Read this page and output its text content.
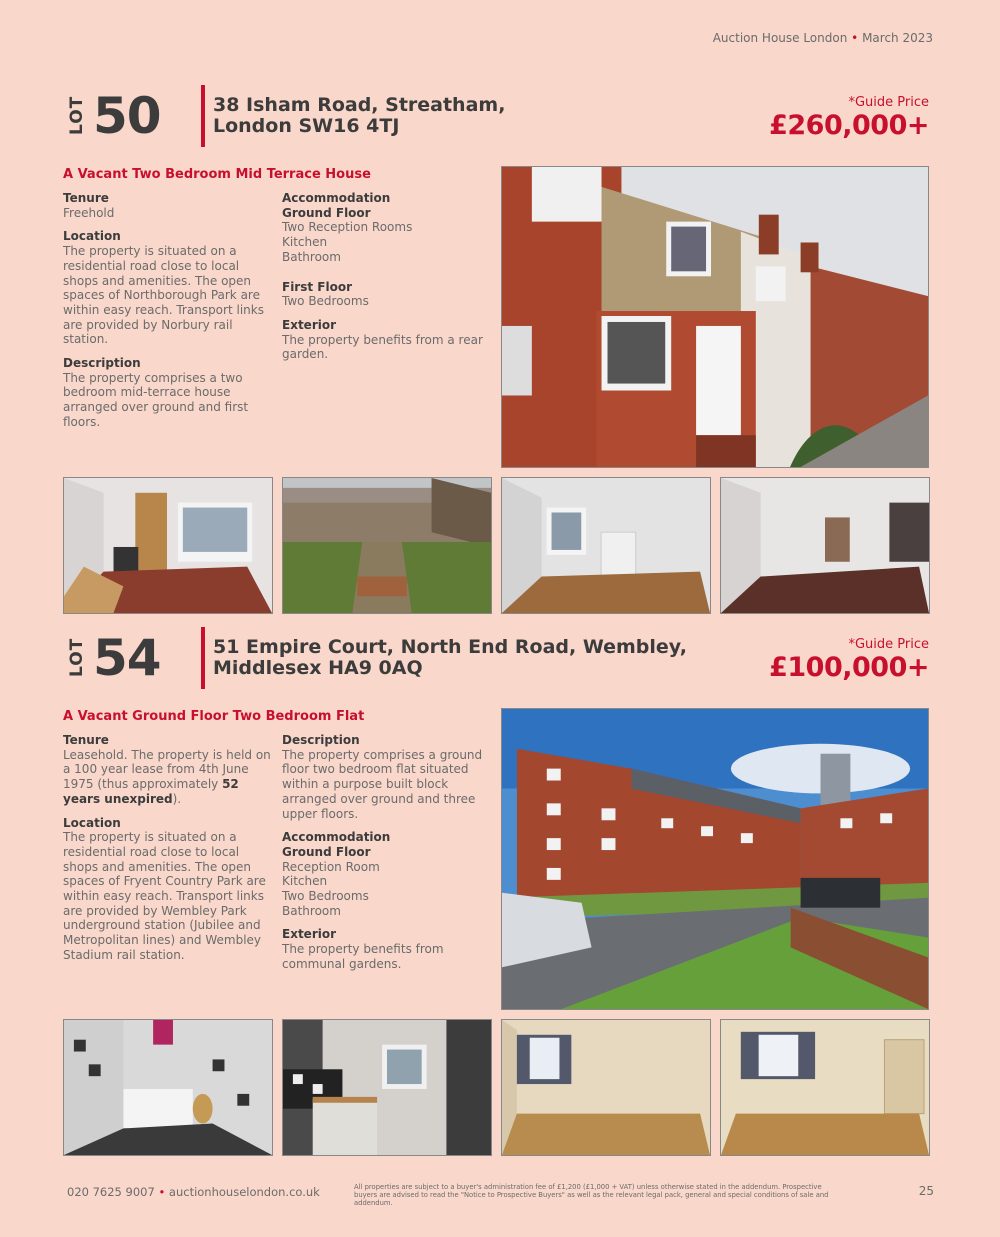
Auction House London • March 2023
LOT 50	38 Isham Road, Streatham,
London SW16 4TJ
*Guide Price
£260,000+
A Vacant Two Bedroom Mid Terrace House
Tenure
Freehold
Location
The property is situated on a residential road close to local shops and amenities. The open spaces of Northborough Park are within easy reach. Transport links are provided by Norbury rail station.
Description
The property comprises a two bedroom mid-terrace house arranged over ground and first floors.
Accommodation
Ground Floor
Two Reception Rooms
Kitchen
Bathroom
First Floor
Two Bedrooms
Exterior
The property benefits from a rear garden.
LOT 54	51 Empire Court, North End Road, Wembley,
Middlesex HA9 0AQ
*Guide Price
£100,000+
A Vacant Ground Floor Two Bedroom Flat
Tenure
Leasehold. The property is held on a 100 year lease from 4th June 1975 (thus approximately 52 years unexpired).
Location
The property is situated on a residential road close to local shops and amenities. The open spaces of Fryent Country Park are within easy reach. Transport links are provided by Wembley Park underground station (Jubilee and Metropolitan lines) and Wembley Stadium rail station.
Description
The property comprises a ground floor two bedroom flat situated within a purpose built block arranged over ground and three upper floors.
Accommodation
Ground Floor
Reception Room
Kitchen
Two Bedrooms
Bathroom
Exterior
The property benefits from communal gardens.
020 7625 9007 • auctionhouselondon.co.uk	All properties are subject to a buyer's administration fee of £1,200 (£1,000 + VAT) unless otherwise stated in the addendum. Prospective buyers are advised to read the "Notice to Prospective Buyers" as well as the relevant legal pack, general and special conditions of sale and addendum.
25
